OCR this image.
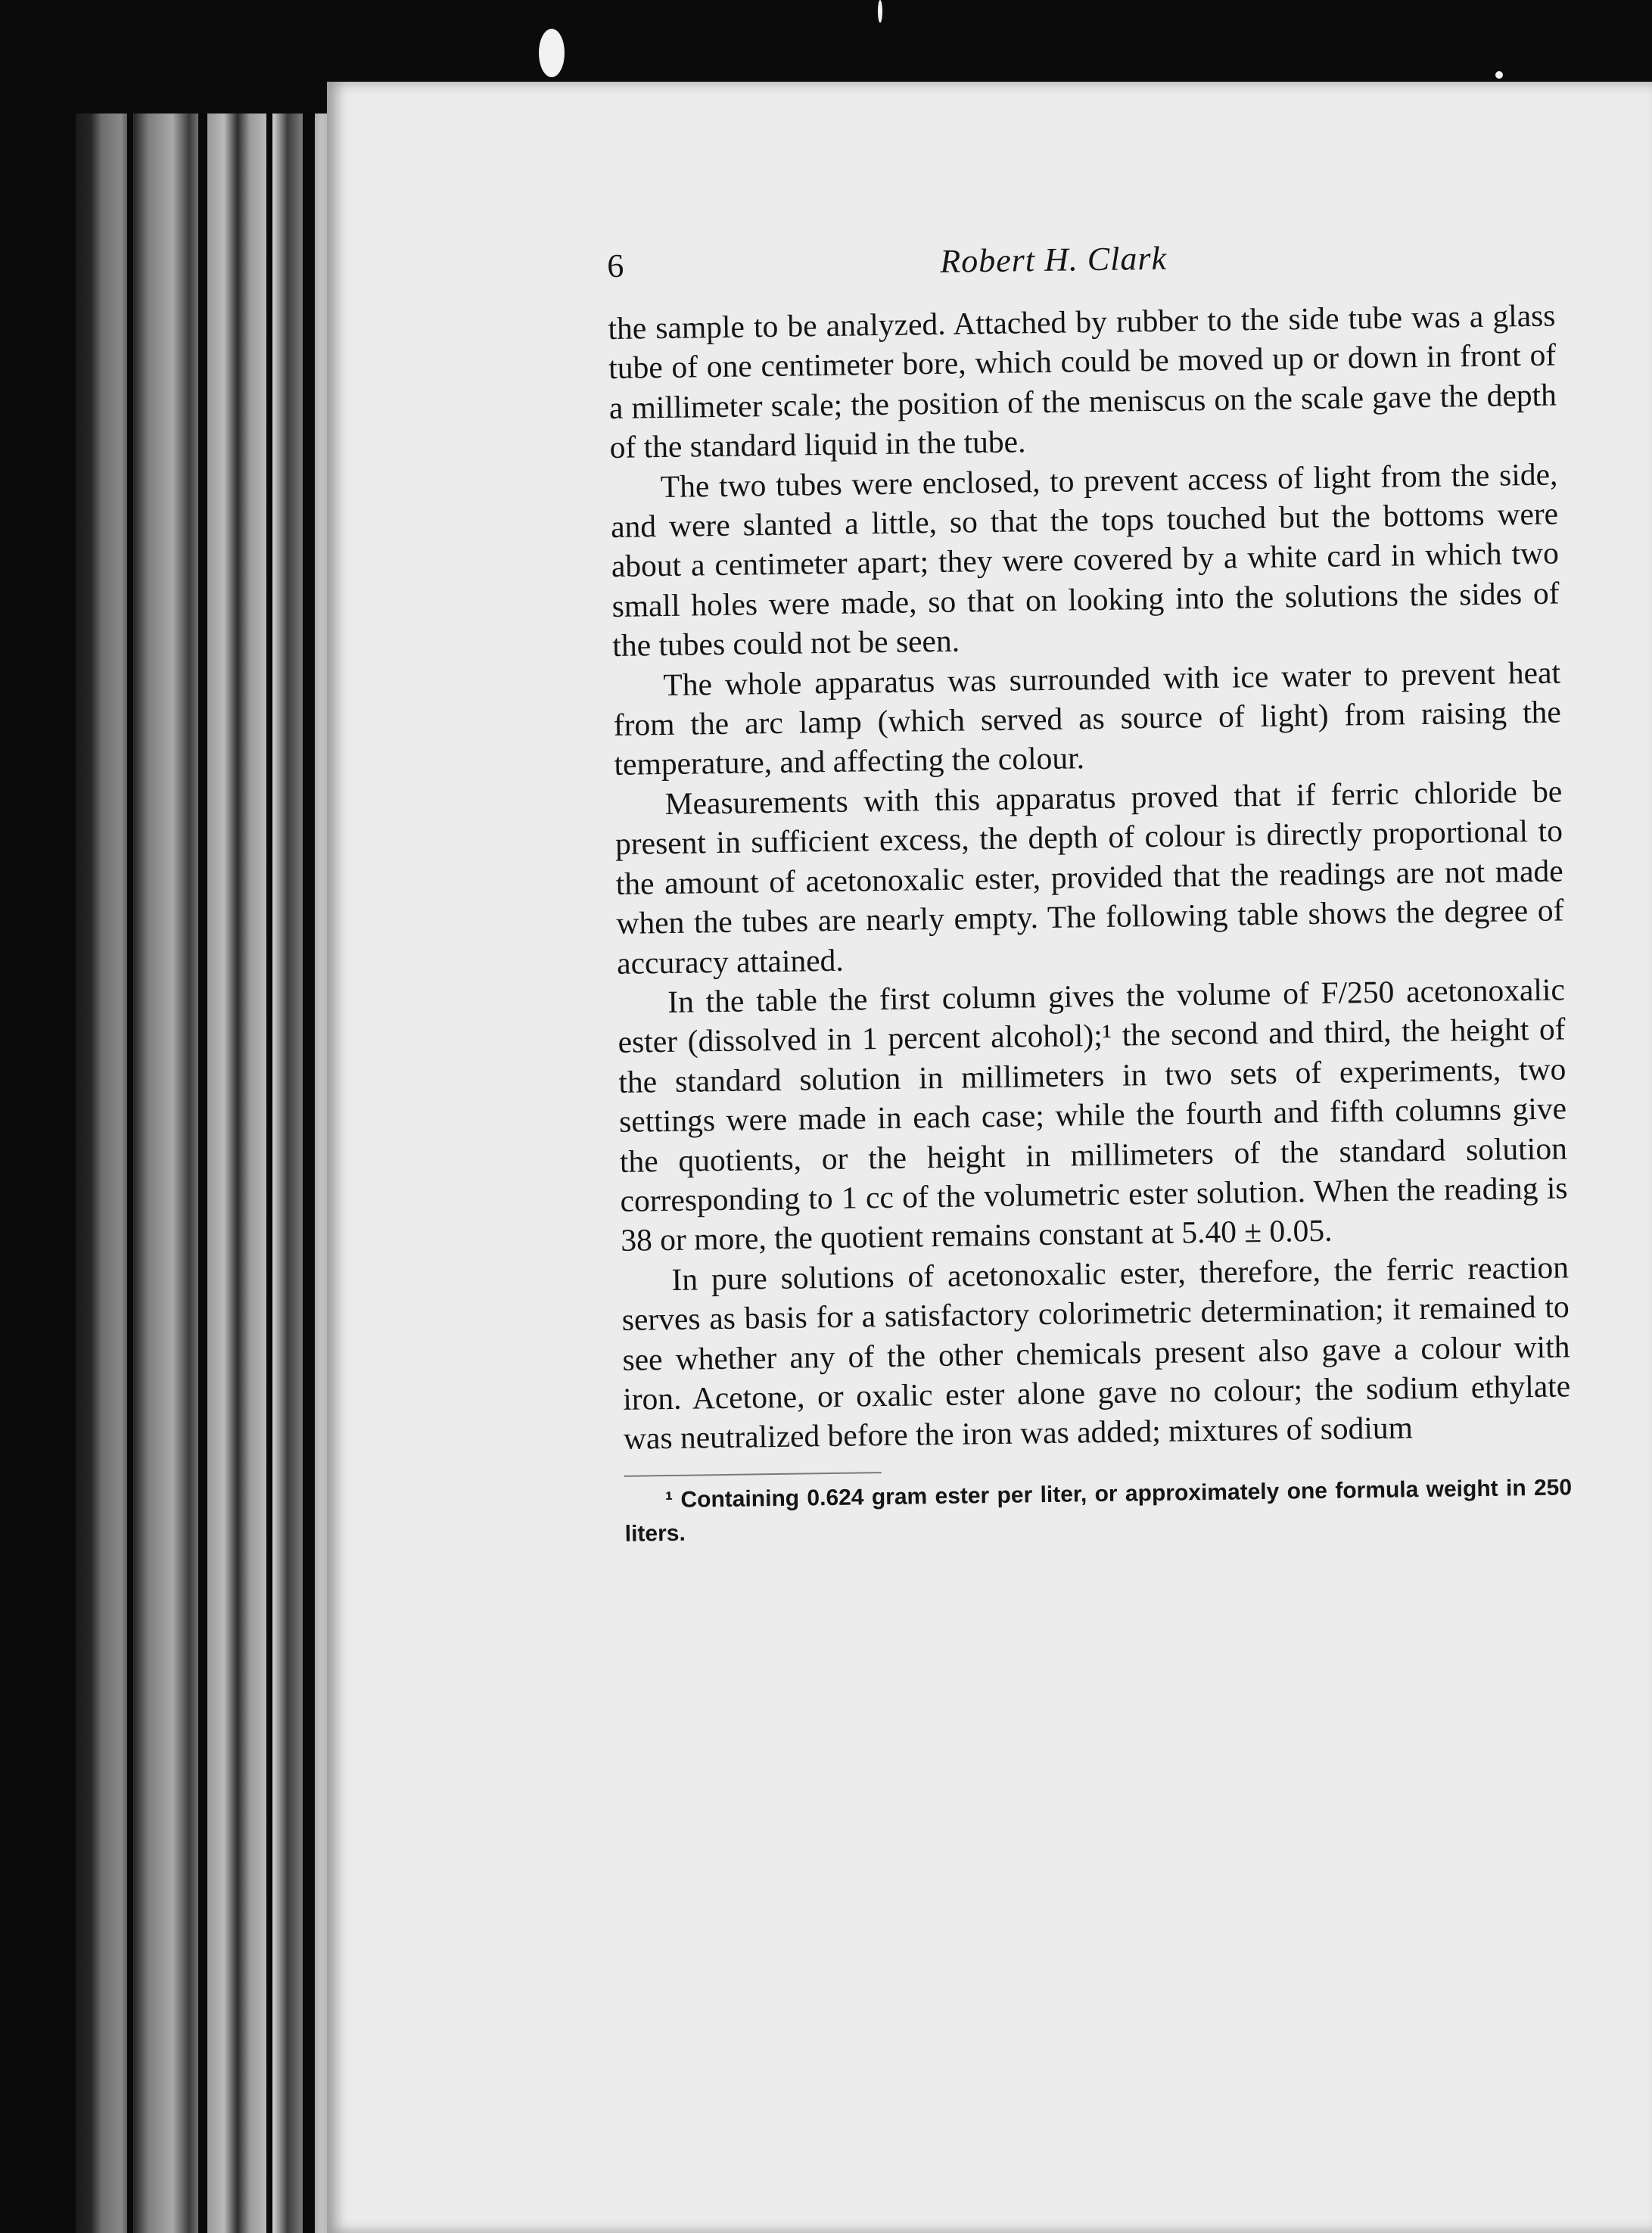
6	Robert H. Clark

the sample to be analyzed. Attached by rubber to the side tube was a glass tube of one centimeter bore, which could be moved up or down in front of a millimeter scale; the position of the meniscus on the scale gave the depth of the standard liquid in the tube.

The two tubes were enclosed, to prevent access of light from the side, and were slanted a little, so that the tops touched but the bottoms were about a centimeter apart; they were covered by a white card in which two small holes were made, so that on looking into the solutions the sides of the tubes could not be seen.

The whole apparatus was surrounded with ice water to prevent heat from the arc lamp (which served as source of light) from raising the temperature, and affecting the colour.

Measurements with this apparatus proved that if ferric chloride be present in sufficient excess, the depth of colour is directly proportional to the amount of acetonoxalic ester, provided that the readings are not made when the tubes are nearly empty. The following table shows the degree of accuracy attained.

In the table the first column gives the volume of F/250 acetonoxalic ester (dissolved in 1 percent alcohol);¹ the second and third, the height of the standard solution in millimeters in two sets of experiments, two settings were made in each case; while the fourth and fifth columns give the quotients, or the height in millimeters of the standard solution corresponding to 1 cc of the volumetric ester solution. When the reading is 38 or more, the quotient remains constant at 5.40 ± 0.05.

In pure solutions of acetonoxalic ester, therefore, the ferric reaction serves as basis for a satisfactory colorimetric determination; it remained to see whether any of the other chemicals present also gave a colour with iron. Acetone, or oxalic ester alone gave no colour; the sodium ethylate was neutralized before the iron was added; mixtures of sodium

¹ Containing 0.624 gram ester per liter, or approximately one formula weight in 250 liters.
